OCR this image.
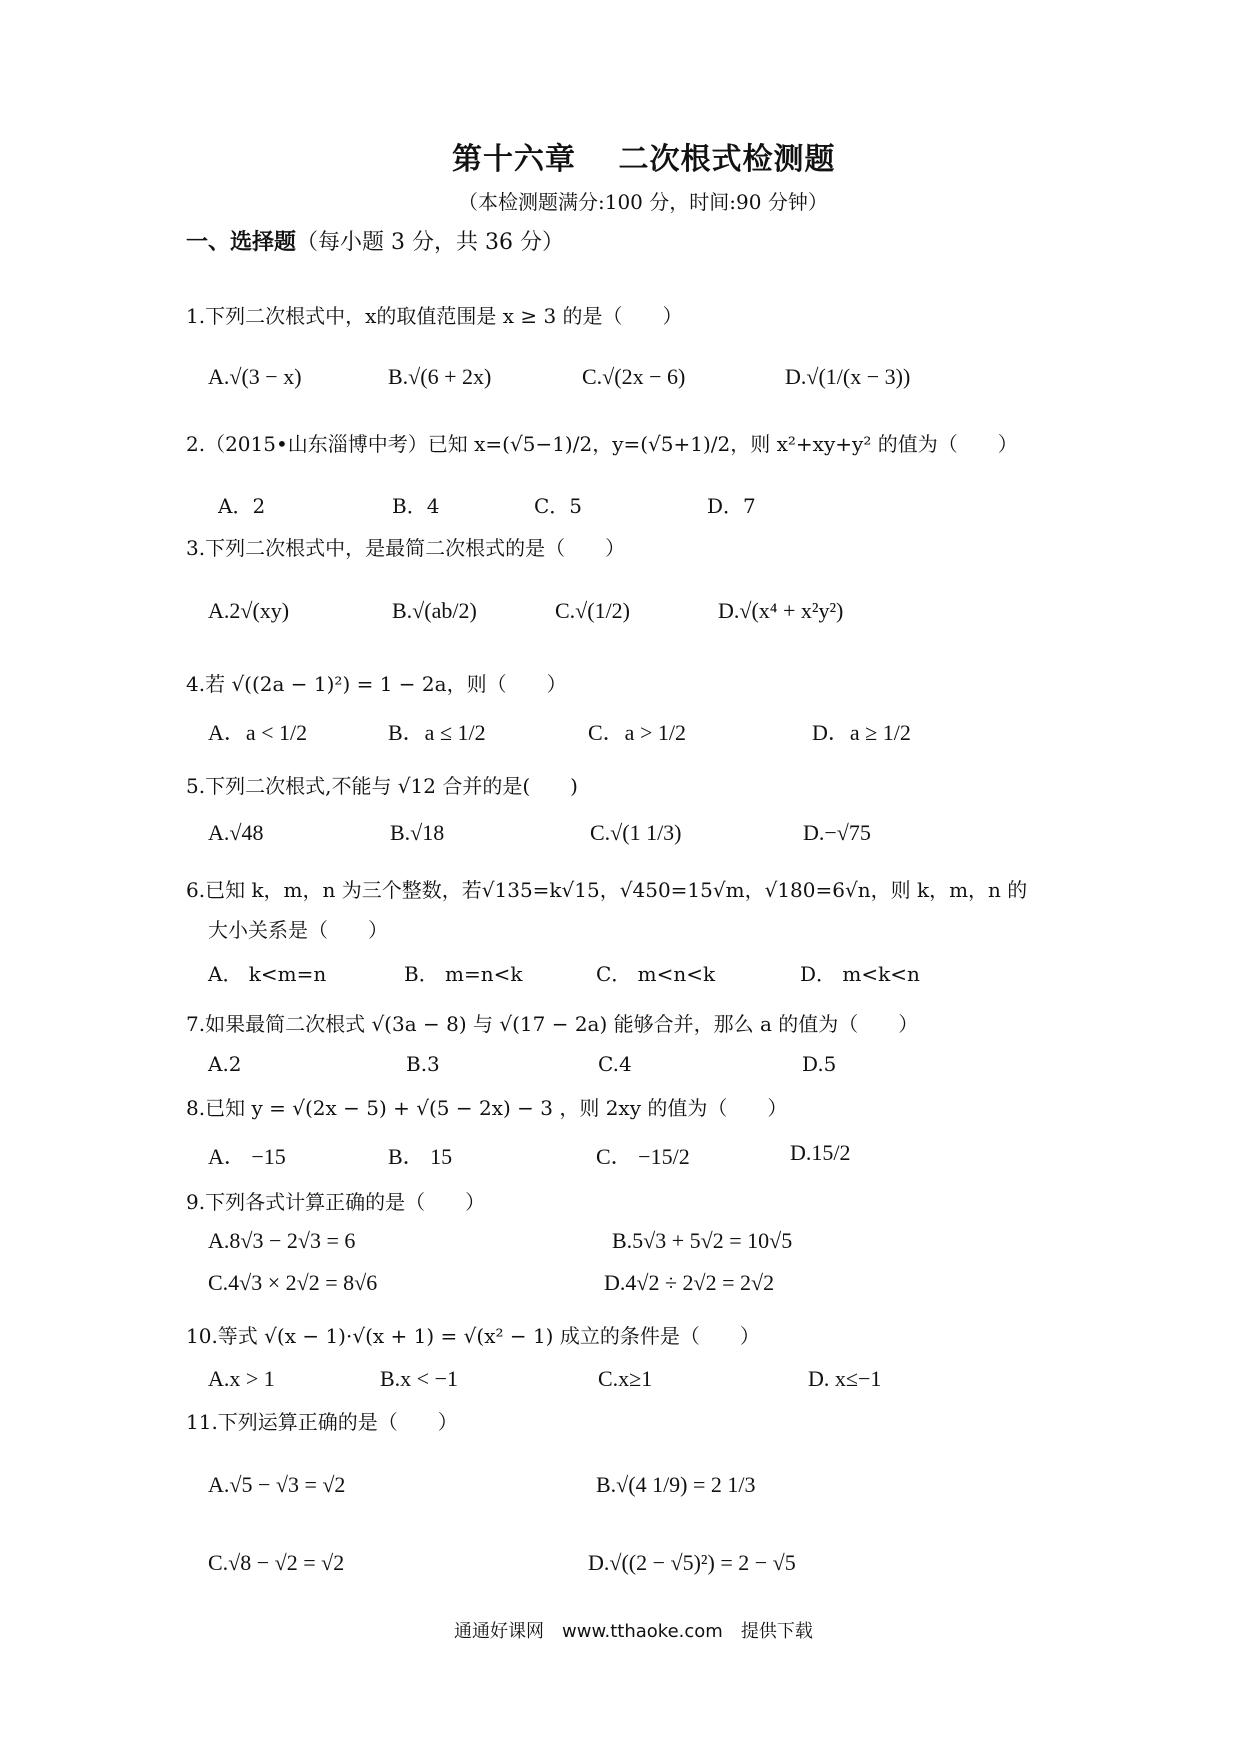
第十六章　 二次根式检测题
（本检测题满分:100 分，时间:90 分钟）
一、选择题（每小题 3 分，共 36 分）
1.下列二次根式中，x的取值范围是 x ≥ 3 的是（　　）
A.√(3 − x)	B.√(6 + 2x)	C.√(2x − 6)	D.√(1/(x − 3))
2.（2015•山东淄博中考）已知 x=(√5−1)/2，y=(√5+1)/2，则 x²+xy+y² 的值为（　　）
A．2	B．4	C．5	D．7
3.下列二次根式中，是最简二次根式的是（　　）
A.2√(xy)	B.√(ab/2)	C.√(1/2)	D.√(x⁴ + x²y²)
4.若 √((2a − 1)²) = 1 − 2a，则（　　）
A．a < 1/2	B．a ≤ 1/2	C．a > 1/2	D．a ≥ 1/2
5.下列二次根式,不能与 √12 合并的是(　　)
A.√48	B.√18	C.√(1 1/3)	D.−√75
6.已知 k，m，n 为三个整数，若√135=k√15，√450=15√m，√180=6√n，则 k，m，n 的
大小关系是（　　）
A． k<m=n	B． m=n<k	C． m<n<k	D． m<k<n
7.如果最简二次根式 √(3a − 8) 与 √(17 − 2a) 能够合并，那么 a 的值为（　　）
A.2	B.3	C.4	D.5
8.已知 y = √(2x − 5) + √(5 − 2x) − 3 ，则 2xy 的值为（　　）
A． −15	B． 15	C． −15/2	D.15/2
9.下列各式计算正确的是（　　）
A.8√3 − 2√3 = 6	B.5√3 + 5√2 = 10√5
C.4√3 × 2√2 = 8√6	D.4√2 ÷ 2√2 = 2√2
10.等式 √(x − 1)·√(x + 1) = √(x² − 1) 成立的条件是（　　）
A.x > 1	B.x < −1	C.x≥1	D. x≤−1
11.下列运算正确的是（　　）
A.√5 − √3 = √2	B.√(4 1/9) = 2 1/3
C.√8 − √2 = √2	D.√((2 − √5)²) = 2 − √5
通通好课网　www.tthaoke.com　提供下载
